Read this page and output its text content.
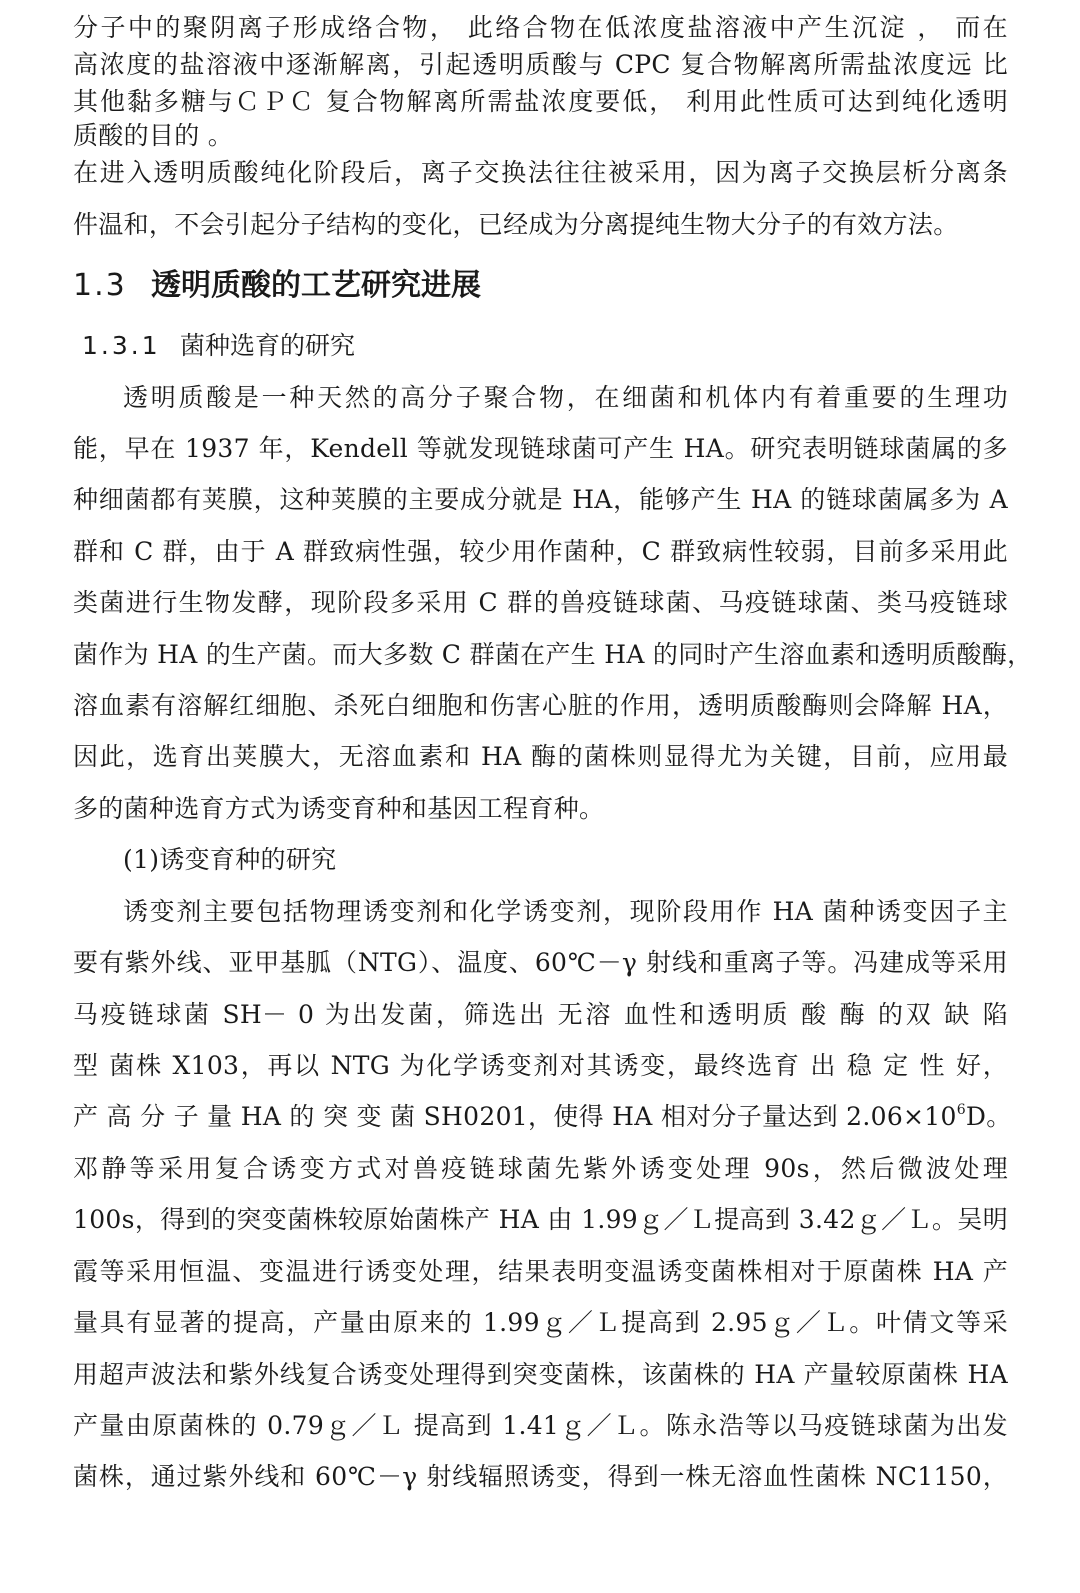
分子中的聚阴离子形成络合物， 此络合物在低浓度盐溶液中产生沉淀 ， 而在
高浓度的盐溶液中逐渐解离，引起透明质酸与 CPC 复合物解离所需盐浓度远 比
其他黏多糖与ＣＰＣ 复合物解离所需盐浓度要低， 利用此性质可达到纯化透明
质酸的目的 。
在进入透明质酸纯化阶段后，离子交换法往往被采用，因为离子交换层析分离条
件温和，不会引起分子结构的变化，已经成为分离提纯生物大分子的有效方法。
1.3 透明质酸的工艺研究进展
1.3.1 菌种选育的研究
透明质酸是一种天然的高分子聚合物，在细菌和机体内有着重要的生理功
能，早在 1937 年，Kendell 等就发现链球菌可产生 HA。研究表明链球菌属的多
种细菌都有荚膜，这种荚膜的主要成分就是 HA，能够产生 HA 的链球菌属多为 A
群和 C 群，由于 A 群致病性强，较少用作菌种，C 群致病性较弱，目前多采用此
类菌进行生物发酵，现阶段多采用 C 群的兽疫链球菌、马疫链球菌、类马疫链球
菌作为 HA 的生产菌。而大多数 C 群菌在产生 HA 的同时产生溶血素和透明质酸酶，
溶血素有溶解红细胞、杀死白细胞和伤害心脏的作用，透明质酸酶则会降解 HA，
因此，选育出荚膜大，无溶血素和 HA 酶的菌株则显得尤为关键，目前，应用最
多的菌种选育方式为诱变育种和基因工程育种。
(1)诱变育种的研究
诱变剂主要包括物理诱变剂和化学诱变剂，现阶段用作 HA 菌种诱变因子主
要有紫外线、亚甲基胍（NTG）、温度、60℃－γ 射线和重离子等。冯建成等采用
马疫链球菌 SH－ 0 为出发菌，筛选出 无溶 血性和透明质 酸 酶 的双 缺 陷
型 菌株 X103，再以 NTG 为化学诱变剂对其诱变，最终选育 出 稳 定 性 好，
产 高 分 子 量 HA 的 突 变 菌 SH0201，使得 HA 相对分子量达到 $2.06\times 10^6D$。
邓静等采用复合诱变方式对兽疫链球菌先紫外诱变处理 90s，然后微波处理
100s，得到的突变菌株较原始菌株产 HA 由 1.99ｇ／Ｌ提高到 3.42ｇ／Ｌ。吴明
霞等采用恒温、变温进行诱变处理，结果表明变温诱变菌株相对于原菌株 HA 产
量具有显著的提高，产量由原来的 1.99ｇ／Ｌ提高到 2.95ｇ／Ｌ。叶倩文等采
用超声波法和紫外线复合诱变处理得到突变菌株，该菌株的 HA 产量较原菌株 HA
产量由原菌株的 0.79ｇ／Ｌ 提高到 1.41ｇ／Ｌ。陈永浩等以马疫链球菌为出发
菌株，通过紫外线和 60℃－γ 射线辐照诱变，得到一株无溶血性菌株 NC1150，
